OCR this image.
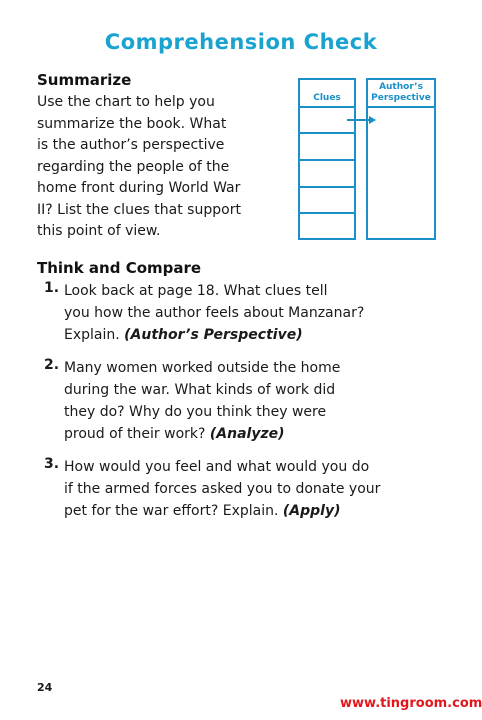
Comprehension Check
Summarize
Use the chart to help you
summarize the book. What
is the author’s perspective
regarding the people of the
home front during World War
II? List the clues that support
this point of view.
Clues
Author’s
Perspective
Think and Compare
1. Look back at page 18. What clues tell
you how the author feels about Manzanar?
Explain. (Author’s Perspective)
2. Many women worked outside the home
during the war. What kinds of work did
they do? Why do you think they were
proud of their work? (Analyze)
3. How would you feel and what would you do
if the armed forces asked you to donate your
pet for the war effort? Explain. (Apply)
24
www.tingroom.com
